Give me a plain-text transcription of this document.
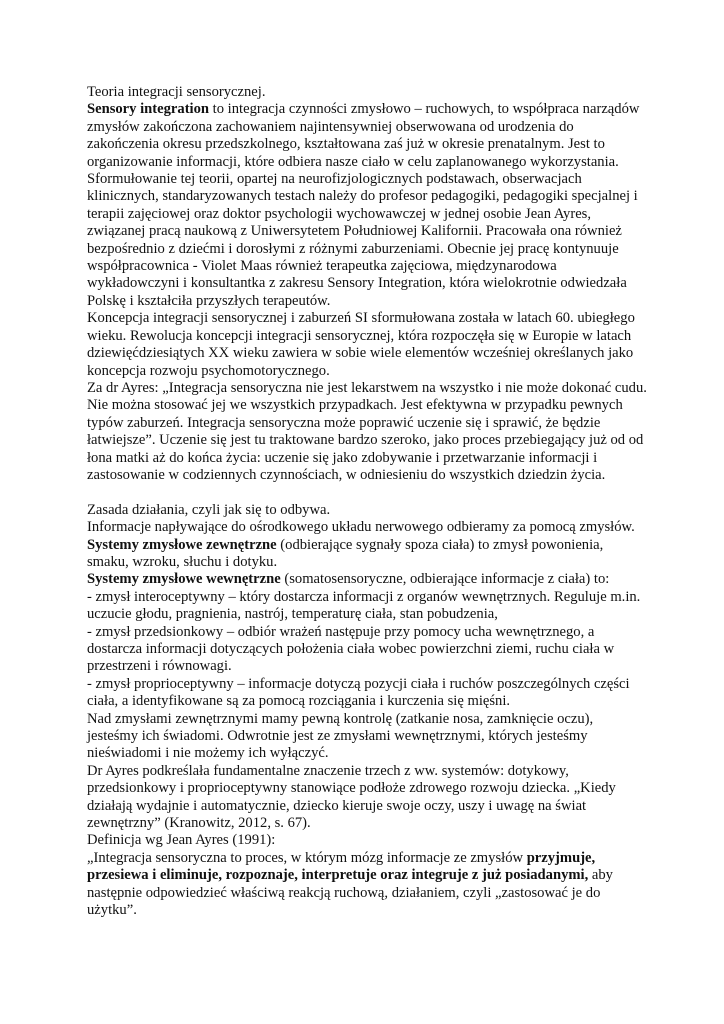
Teoria integracji sensorycznej.

Sensory integration to integracja czynności zmysłowo – ruchowych, to współpraca narządów zmysłów zakończona zachowaniem najintensywniej obserwowana od urodzenia do zakończenia okresu przedszkolnego, kształtowana zaś już w okresie prenatalnym. Jest to organizowanie informacji, które odbiera nasze ciało w celu zaplanowanego wykorzystania. Sformułowanie tej teorii, opartej na neurofizjologicznych podstawach, obserwacjach klinicznych, standaryzowanych testach należy do profesor pedagogiki, pedagogiki specjalnej i terapii zajęciowej oraz doktor psychologii wychowawczej w jednej osobie Jean Ayres, związanej pracą naukową z Uniwersytetem Południowej Kalifornii. Pracowała ona również bezpośrednio z dziećmi i dorosłymi z różnymi zaburzeniami. Obecnie jej pracę kontynuuje współpracownica - Violet Maas również terapeutka zajęciowa, międzynarodowa wykładowczyni i konsultantka z zakresu Sensory Integration, która wielokrotnie odwiedzała Polskę i kształciła przyszłych terapeutów.

Koncepcja integracji sensorycznej i zaburzeń SI sformułowana została w latach 60. ubiegłego wieku. Rewolucja koncepcji integracji sensorycznej, która rozpoczęła się w Europie w latach dziewięćdziesiątych XX wieku zawiera w sobie wiele elementów wcześniej określanych jako koncepcja rozwoju psychomotorycznego.

Za dr Ayres: „Integracja sensoryczna nie jest lekarstwem na wszystko i nie może dokonać cudu. Nie można stosować jej we wszystkich przypadkach. Jest efektywna w przypadku pewnych typów zaburzeń. Integracja sensoryczna może poprawić uczenie się i sprawić, że będzie łatwiejsze”. Uczenie się jest tu traktowane bardzo szeroko, jako proces przebiegający już od od łona matki aż do końca życia: uczenie się jako zdobywanie i przetwarzanie informacji i zastosowanie w codziennych czynnościach, w odniesieniu do wszystkich dziedzin życia.

Zasada działania, czyli jak się to odbywa.

Informacje napływające do ośrodkowego układu nerwowego odbieramy za pomocą zmysłów.

Systemy zmysłowe zewnętrzne (odbierające sygnały spoza ciała) to zmysł powonienia, smaku, wzroku, słuchu i dotyku.

Systemy zmysłowe wewnętrzne (somatosensoryczne, odbierające informacje z ciała) to:

- zmysł interoceptywny – który dostarcza informacji z organów wewnętrznych. Reguluje m.in. uczucie głodu, pragnienia, nastrój, temperaturę ciała, stan pobudzenia,

- zmysł przedsionkowy – odbiór wrażeń następuje przy pomocy ucha wewnętrznego, a dostarcza informacji dotyczących położenia ciała wobec powierzchni ziemi, ruchu ciała w przestrzeni i równowagi.

- zmysł proprioceptywny – informacje dotyczą pozycji ciała i ruchów poszczególnych części ciała, a identyfikowane są za pomocą rozciągania i kurczenia się mięśni.

Nad zmysłami zewnętrznymi mamy pewną kontrolę (zatkanie nosa, zamknięcie oczu), jesteśmy ich świadomi. Odwrotnie jest ze zmysłami wewnętrznymi, których jesteśmy nieświadomi i nie możemy ich wyłączyć.

Dr Ayres podkreślała fundamentalne znaczenie trzech z ww. systemów: dotykowy, przedsionkowy i proprioceptywny stanowiące podłoże zdrowego rozwoju dziecka. „Kiedy działają wydajnie i automatycznie, dziecko kieruje swoje oczy, uszy i uwagę na świat zewnętrzny” (Kranowitz, 2012, s. 67).

Definicja wg Jean Ayres (1991):

„Integracja sensoryczna to proces, w którym mózg informacje ze zmysłów przyjmuje, przesiewa i eliminuje, rozpoznaje, interpretuje oraz integruje z już posiadanymi, aby następnie odpowiedzieć właściwą reakcją ruchową, działaniem, czyli „zastosować je do użytku”.
